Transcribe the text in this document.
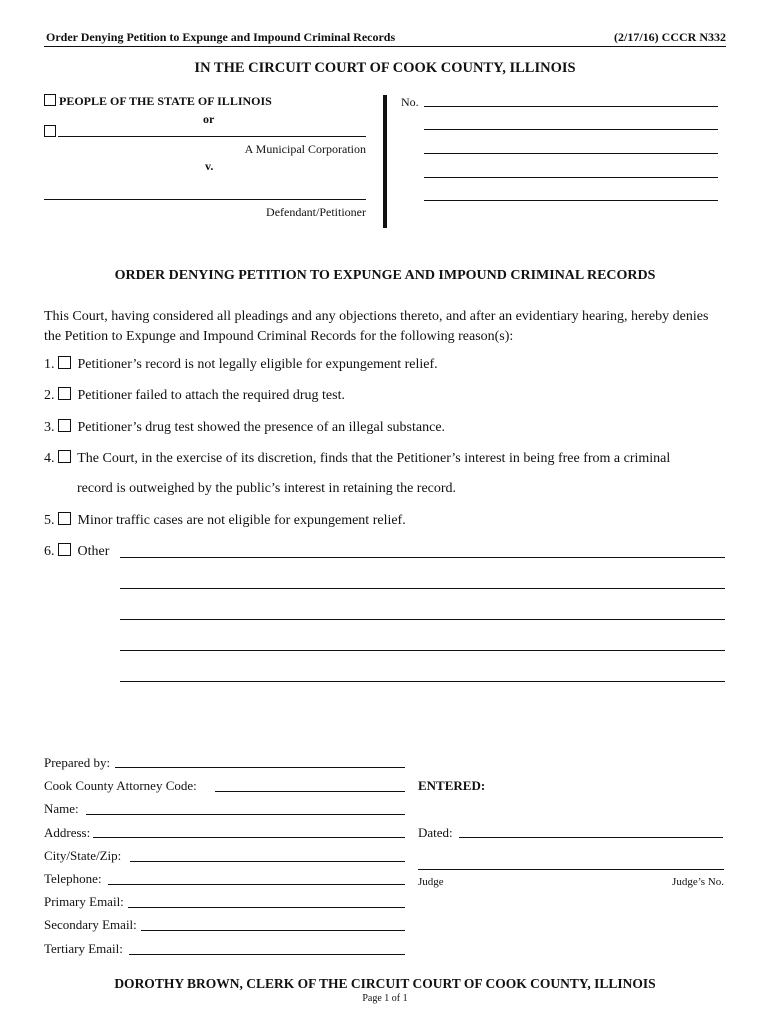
Order Denying Petition to Expunge and Impound Criminal Records	(2/17/16) CCCR N332
IN THE CIRCUIT COURT OF COOK COUNTY, ILLINOIS
PEOPLE OF THE STATE OF ILLINOIS
or
A Municipal Corporation
v.
Defendant/Petitioner
No.
ORDER DENYING PETITION TO EXPUNGE AND IMPOUND CRIMINAL RECORDS
This Court, having considered all pleadings and any objections thereto, and after an evidentiary hearing, hereby denies the Petition to Expunge and Impound Criminal Records for the following reason(s):
1. Petitioner’s record is not legally eligible for expungement relief.
2. Petitioner failed to attach the required drug test.
3. Petitioner’s drug test showed the presence of an illegal substance.
4. The Court, in the exercise of its discretion, finds that the Petitioner’s interest in being free from a criminal
record is outweighed by the public’s interest in retaining the record.
5. Minor traffic cases are not eligible for expungement relief.
6. Other
Prepared by:
Cook County Attorney Code:
Name:
Address:
City/State/Zip:
Telephone:
Primary Email:
Secondary Email:
Tertiary Email:
ENTERED:
Dated:
Judge	Judge’s No.
DOROTHY BROWN, CLERK OF THE CIRCUIT COURT OF COOK COUNTY, ILLINOIS
Page 1 of 1
